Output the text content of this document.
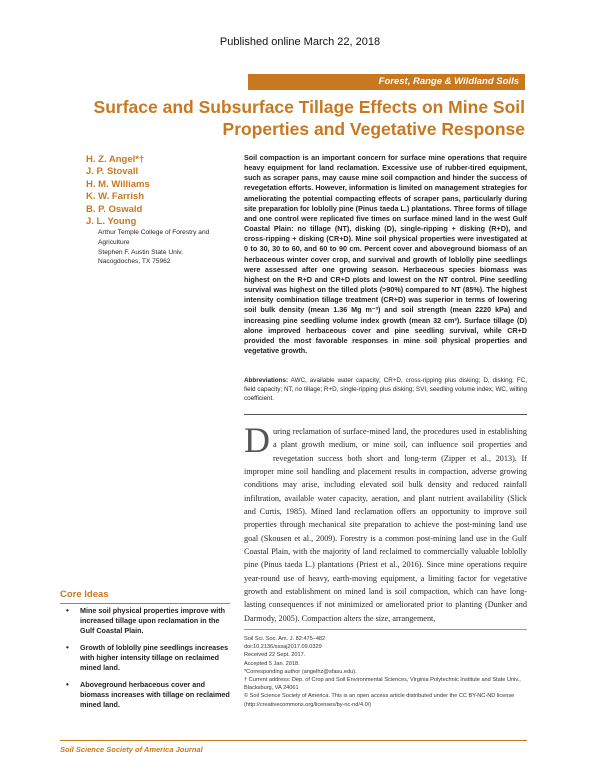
Published online March 22, 2018
Forest, Range & Wildland Soils
Surface and Subsurface Tillage Effects on Mine Soil Properties and Vegetative Response
H. Z. Angel*†
J. P. Stovall
H. M. Williams
K. W. Farrish
B. P. Oswald
J. L. Young
Arthur Temple College of Forestry and Agriculture
Stephen F. Austin State Univ.
Nacogdoches, TX 75962
Soil compaction is an important concern for surface mine operations that require heavy equipment for land reclamation. Excessive use of rubber-tired equipment, such as scraper pans, may cause mine soil compaction and hinder the success of revegetation efforts. However, information is limited on management strategies for ameliorating the potential compacting effects of scraper pans, particularly during site preparation for loblolly pine (Pinus taeda L.) plantations. Three forms of tillage and one control were replicated five times on surface mined land in the west Gulf Coastal Plain: no tillage (NT), disking (D), single-ripping + disking (R+D), and cross-ripping + disking (CR+D). Mine soil physical properties were investigated at 0 to 30, 30 to 60, and 60 to 90 cm. Percent cover and aboveground biomass of an herbaceous winter cover crop, and survival and growth of loblolly pine seedlings were assessed after one growing season. Herbaceous species biomass was highest on the R+D and CR+D plots and lowest on the NT control. Pine seedling survival was highest on the tilled plots (>90%) compared to NT (85%). The highest intensity combination tillage treatment (CR+D) was superior in terms of lowering soil bulk density (mean 1.36 Mg m⁻³) and soil strength (mean 2220 kPa) and increasing pine seedling volume index growth (mean 32 cm³). Surface tillage (D) alone improved herbaceous cover and pine seedling survival, while CR+D provided the most favorable responses in mine soil physical properties and vegetative growth.
Abbreviations: AWC, available water capacity; CR+D, cross-ripping plus disking; D, disking; FC, field capacity; NT, no tillage; R+D, single-ripping plus disking; SVI, seedling volume index; WC, wilting coefficient.
During reclamation of surface-mined land, the procedures used in establishing a plant growth medium, or mine soil, can influence soil properties and revegetation success both short and long-term (Zipper et al., 2013). If improper mine soil handling and placement results in compaction, adverse growing conditions may arise, including elevated soil bulk density and reduced rainfall infiltration, available water capacity, aeration, and plant nutrient availability (Slick and Curtis, 1985). Mined land reclamation offers an opportunity to improve soil properties through mechanical site preparation to achieve the post-mining land use goal (Skousen et al., 2009). Forestry is a common post-mining land use in the Gulf Coastal Plain, with the majority of land reclaimed to commercially valuable loblolly pine (Pinus taeda L.) plantations (Priest et al., 2016). Since mine operations require year-round use of heavy, earth-moving equipment, a limiting factor for vegetative growth and establishment on mined land is soil compaction, which can have long-lasting consequences if not minimized or ameliorated prior to planting (Dunker and Darmody, 2005). Compaction alters the size, arrangement,
Soil Sci. Soc. Am. J. 82:475–482
doi:10.2136/sssaj2017.09.0329
Received 22 Sept. 2017.
Accepted 5 Jan. 2018.
*Corresponding author (angelhz@sfasu.edu).
† Current address: Dep. of Crop and Soil Environmental Sciences, Virginia Polytechnic Institute and State Univ., Blacksburg, VA 24061
© Soil Science Society of America. This is an open access article distributed under the CC BY-NC-ND license (http://creativecommons.org/licenses/by-nc-nd/4.0/)
Core Ideas
• Mine soil physical properties improve with increased tillage upon reclamation in the Gulf Coastal Plain.
• Growth of loblolly pine seedlings increases with higher intensity tillage on reclaimed mined land.
• Aboveground herbaceous cover and biomass increases with tillage on reclaimed mined land.
Soil Science Society of America Journal
